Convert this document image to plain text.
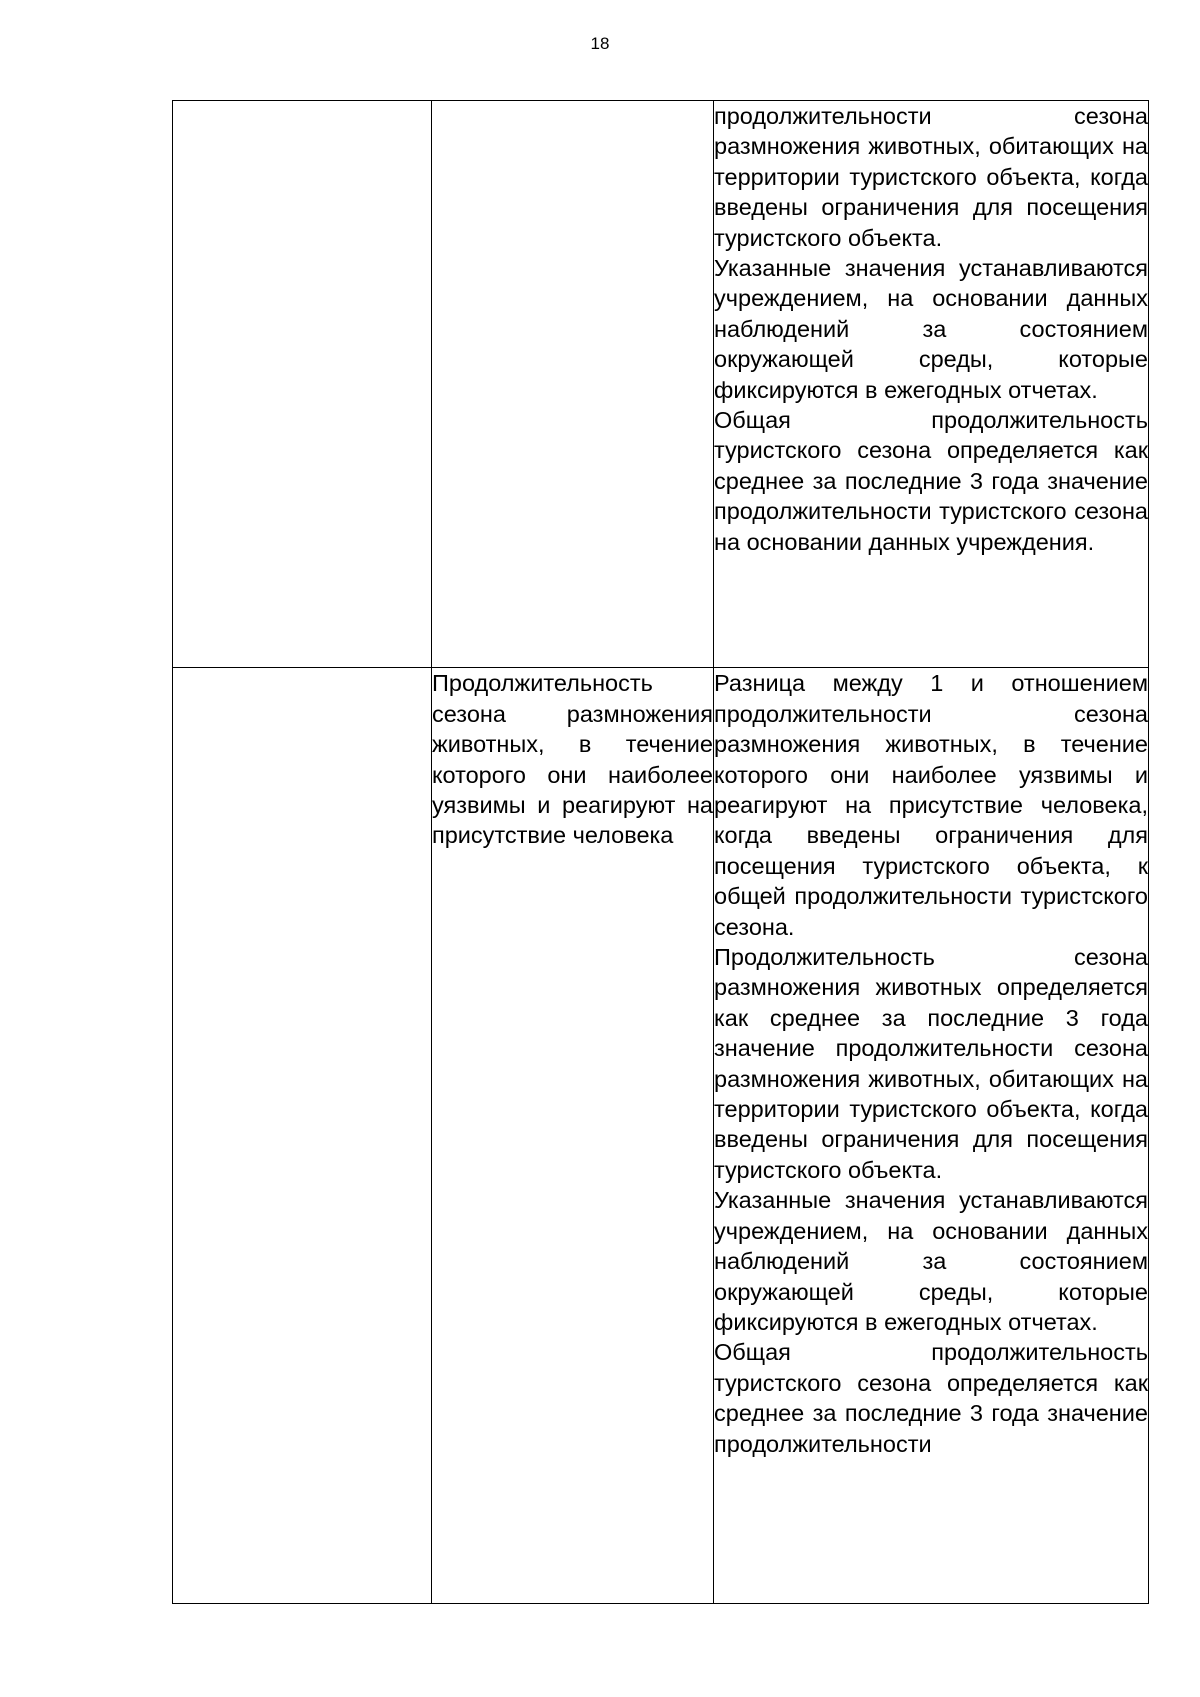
18

		продолжительности сезона размножения животных, обитающих на территории туристского объекта, когда введены ограничения для посещения туристского объекта.

Указанные значения устанавливаются учреждением, на основании данных наблюдений за состоянием окружающей среды, которые фиксируются в ежегодных отчетах.

Общая продолжительность туристского сезона определяется как среднее за последние 3 года значение продолжительности туристского сезона на основании данных учреждения.

	Продолжительность сезона размножения животных, в течение которого они наиболее уязвимы и реагируют на присутствие человека	Разница между 1 и отношением продолжительности сезона размножения животных, в течение которого они наиболее уязвимы и реагируют на присутствие человека, когда введены ограничения для посещения туристского объекта, к общей продолжительности туристского сезона.

Продолжительность сезона размножения животных определяется как среднее за последние 3 года значение продолжительности сезона размножения животных, обитающих на территории туристского объекта, когда введены ограничения для посещения туристского объекта.

Указанные значения устанавливаются учреждением, на основании данных наблюдений за состоянием окружающей среды, которые фиксируются в ежегодных отчетах.

Общая продолжительность туристского сезона определяется как среднее за последние 3 года значение продолжительности
